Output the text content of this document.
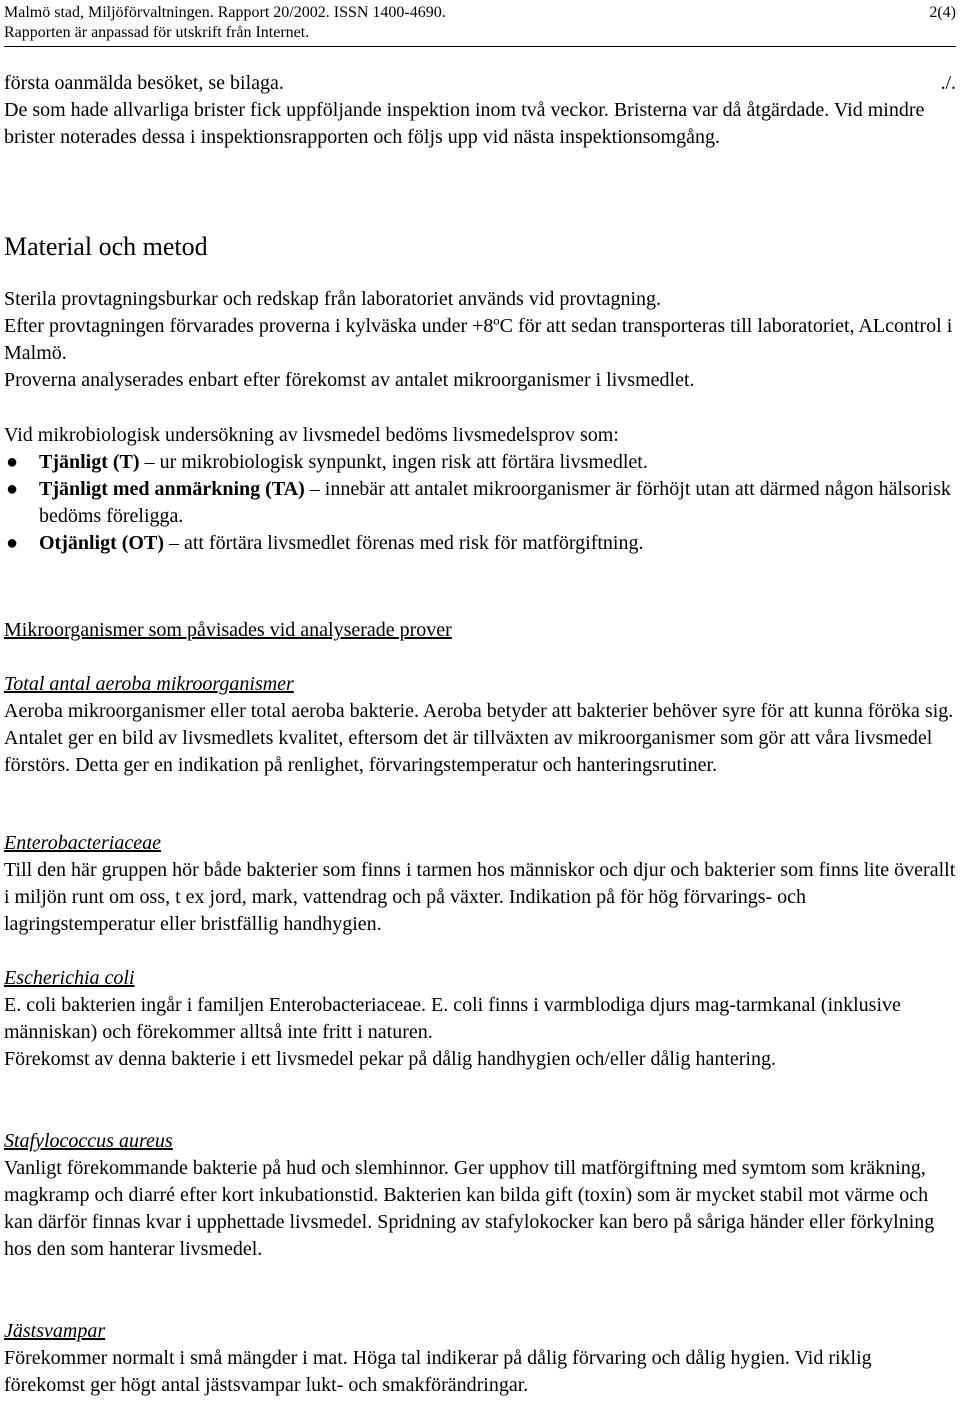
Malmö stad, Miljöförvaltningen. Rapport 20/2002. ISSN 1400-4690.
Rapporten är anpassad för utskrift från Internet.
2(4)
första oanmälda besöket, se bilaga.	./.
De som hade allvarliga brister fick uppföljande inspektion inom två veckor. Bristerna var då åtgärdade. Vid mindre brister noterades dessa i inspektionsrapporten och följs upp vid nästa inspektionsomgång.
Material och metod
Sterila provtagningsburkar och redskap från laboratoriet används vid provtagning.
Efter provtagningen förvarades proverna i kylväska under +8ºC för att sedan transporteras till laboratoriet, ALcontrol i Malmö.
Proverna analyserades enbart efter förekomst av antalet mikroorganismer i livsmedlet.
Vid mikrobiologisk undersökning av livsmedel bedöms livsmedelsprov som:
● Tjänligt (T) – ur mikrobiologisk synpunkt, ingen risk att förtära livsmedlet.
● Tjänligt med anmärkning (TA) – innebär att antalet mikroorganismer är förhöjt utan att därmed någon hälsorisk bedöms föreligga.
● Otjänligt (OT) – att förtära livsmedlet förenas med risk för matförgiftning.
Mikroorganismer som påvisades vid analyserade prover
Total antal aeroba mikroorganismer
Aeroba mikroorganismer eller total aeroba bakterie. Aeroba betyder att bakterier behöver syre för att kunna föröka sig. Antalet ger en bild av livsmedlets kvalitet, eftersom det är tillväxten av mikroorganismer som gör att våra livsmedel förstörs. Detta ger en indikation på renlighet, förvaringstemperatur och hanteringsrutiner.
Enterobacteriaceae
Till den här gruppen hör både bakterier som finns i tarmen hos människor och djur och bakterier som finns lite överallt i miljön runt om oss, t ex jord, mark, vattendrag och på växter. Indikation på för hög förvarings- och lagringstemperatur eller bristfällig handhygien.
Escherichia coli
E. coli bakterien ingår i familjen Enterobacteriaceae. E. coli finns i varmblodiga djurs mag-tarmkanal (inklusive människan) och förekommer alltså inte fritt i naturen.
Förekomst av denna bakterie i ett livsmedel pekar på dålig handhygien och/eller dålig hantering.
Stafylococcus aureus
Vanligt förekommande bakterie på hud och slemhinnor. Ger upphov till matförgiftning med symtom som kräkning, magkramp och diarré efter kort inkubationstid. Bakterien kan bilda gift (toxin) som är mycket stabil mot värme och kan därför finnas kvar i upphettade livsmedel. Spridning av stafylokocker kan bero på såriga händer eller förkylning hos den som hanterar livsmedel.
Jästsvampar
Förekommer normalt i små mängder i mat. Höga tal indikerar på dålig förvaring och dålig hygien. Vid riklig förekomst ger högt antal jästsvampar lukt- och smakförändringar.
